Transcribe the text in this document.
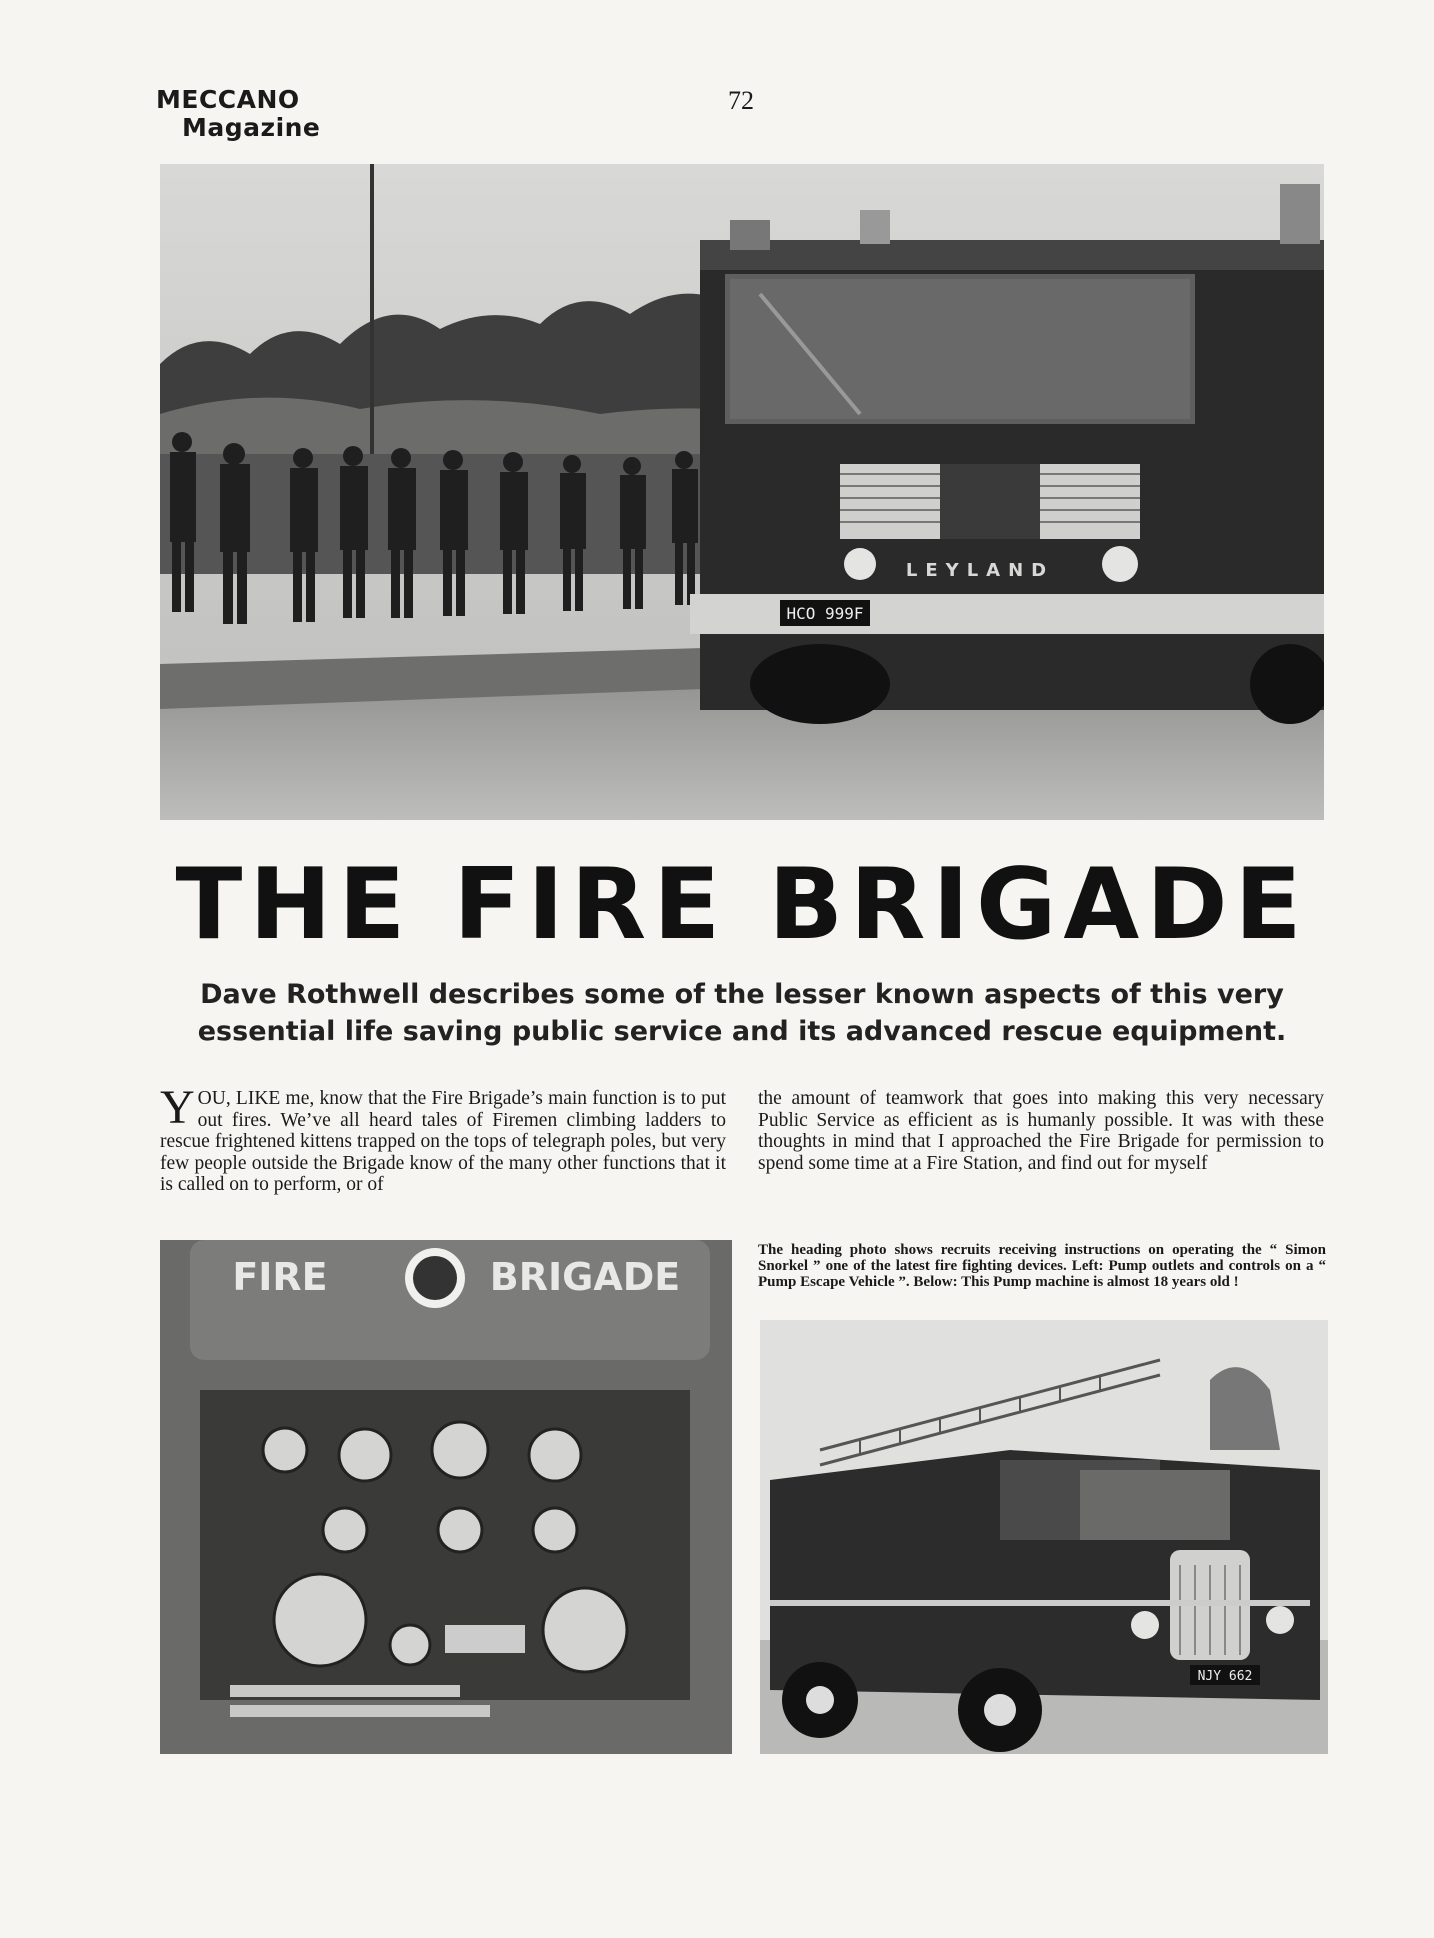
MECCANO
Magazine
72
LEYLAND
HCO 999F
THE FIRE BRIGADE

Dave Rothwell describes some of the lesser known aspects of this very essential life saving public service and its advanced rescue equipment.

YOU, LIKE me, know that the Fire Brigade’s main function is to put out fires. We’ve all heard tales of Firemen climbing ladders to rescue frightened kittens trapped on the tops of telegraph poles, but very few people outside the Brigade know of the many other functions that it is called on to perform, or of

the amount of teamwork that goes into making this very necessary Public Service as efficient as is humanly possible. It was with these thoughts in mind that I approached the Fire Brigade for permission to spend some time at a Fire Station, and find out for myself

FIRE	BRIGADE

The heading photo shows recruits receiving instructions on operating the “ Simon Snorkel ” one of the latest fire fighting devices. Left: Pump outlets and controls on a “ Pump Escape Vehicle ”. Below: This Pump machine is almost 18 years old !

NJY 662
